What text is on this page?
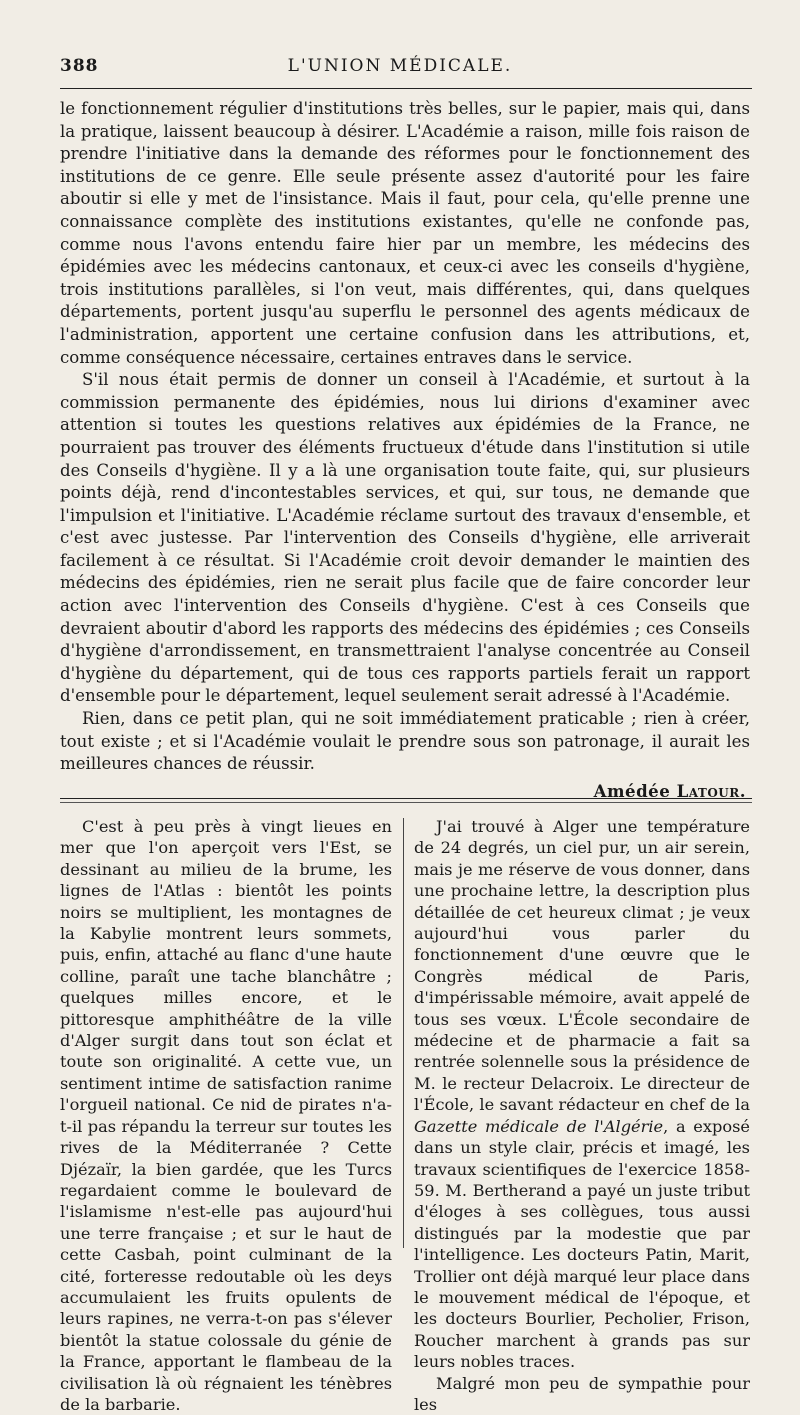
388	L'UNION MÉDICALE.

le fonctionnement régulier d'institutions très belles, sur le papier, mais qui, dans la pratique, laissent beaucoup à désirer. L'Académie a raison, mille fois raison de prendre l'initiative dans la demande des réformes pour le fonctionnement des institutions de ce genre. Elle seule présente assez d'autorité pour les faire aboutir si elle y met de l'insistance. Mais il faut, pour cela, qu'elle prenne une connaissance complète des institutions existantes, qu'elle ne confonde pas, comme nous l'avons entendu faire hier par un membre, les médecins des épidémies avec les médecins cantonaux, et ceux-ci avec les conseils d'hygiène, trois institutions parallèles, si l'on veut, mais différentes, qui, dans quelques départements, portent jusqu'au superflu le personnel des agents médicaux de l'administration, apportent une certaine confusion dans les attributions, et, comme conséquence nécessaire, certaines entraves dans le service.

S'il nous était permis de donner un conseil à l'Académie, et surtout à la commission permanente des épidémies, nous lui dirions d'examiner avec attention si toutes les questions relatives aux épidémies de la France, ne pourraient pas trouver des éléments fructueux d'étude dans l'institution si utile des Conseils d'hygiène. Il y a là une organisation toute faite, qui, sur plusieurs points déjà, rend d'incontestables services, et qui, sur tous, ne demande que l'impulsion et l'initiative. L'Académie réclame surtout des travaux d'ensemble, et c'est avec justesse. Par l'intervention des Conseils d'hygiène, elle arriverait facilement à ce résultat. Si l'Académie croit devoir demander le maintien des médecins des épidémies, rien ne serait plus facile que de faire concorder leur action avec l'intervention des Conseils d'hygiène. C'est à ces Conseils que devraient aboutir d'abord les rapports des médecins des épidémies ; ces Conseils d'hygiène d'arrondissement, en transmettraient l'analyse concentrée au Conseil d'hygiène du département, qui de tous ces rapports partiels ferait un rapport d'ensemble pour le département, lequel seulement serait adressé à l'Académie.

Rien, dans ce petit plan, qui ne soit immédiatement praticable ; rien à créer, tout existe ; et si l'Académie voulait le prendre sous son patronage, il aurait les meilleures chances de réussir.

Amédée Latour.

C'est à peu près à vingt lieues en mer que l'on aperçoit vers l'Est, se dessinant au milieu de la brume, les lignes de l'Atlas : bientôt les points noirs se multiplient, les montagnes de la Kabylie montrent leurs sommets, puis, enfin, attaché au flanc d'une haute colline, paraît une tache blanchâtre ; quelques milles encore, et le pittoresque amphithéâtre de la ville d'Alger surgit dans tout son éclat et toute son originalité. A cette vue, un sentiment intime de satisfaction ranime l'orgueil national. Ce nid de pirates n'a-t-il pas répandu la terreur sur toutes les rives de la Méditerranée ? Cette Djézaïr, la bien gardée, que les Turcs regardaient comme le boulevard de l'islamisme n'est-elle pas aujourd'hui une terre française ; et sur le haut de cette Casbah, point culminant de la cité, forteresse redoutable où les deys accumulaient les fruits opulents de leurs rapines, ne verra-t-on pas s'élever bientôt la statue colossale du génie de la France, apportant le flambeau de la civilisation là où régnaient les ténèbres de la barbarie.

J'ai trouvé à Alger une température de 24 degrés, un ciel pur, un air serein, mais je me réserve de vous donner, dans une prochaine lettre, la description plus détaillée de cet heureux climat ; je veux aujourd'hui vous parler du fonctionnement d'une œuvre que le Congrès médical de Paris, d'impérissable mémoire, avait appelé de tous ses vœux. L'École secondaire de médecine et de pharmacie a fait sa rentrée solennelle sous la présidence de M. le recteur Delacroix. Le directeur de l'École, le savant rédacteur en chef de la Gazette médicale de l'Algérie, a exposé dans un style clair, précis et imagé, les travaux scientifiques de l'exercice 1858-59. M. Bertherand a payé un juste tribut d'éloges à ses collègues, tous aussi distingués par la modestie que par l'intelligence. Les docteurs Patin, Marit, Trollier ont déjà marqué leur place dans le mouvement médical de l'époque, et les docteurs Bourlier, Pecholier, Frison, Roucher marchent à grands pas sur leurs nobles traces.

Malgré mon peu de sympathie pour les
